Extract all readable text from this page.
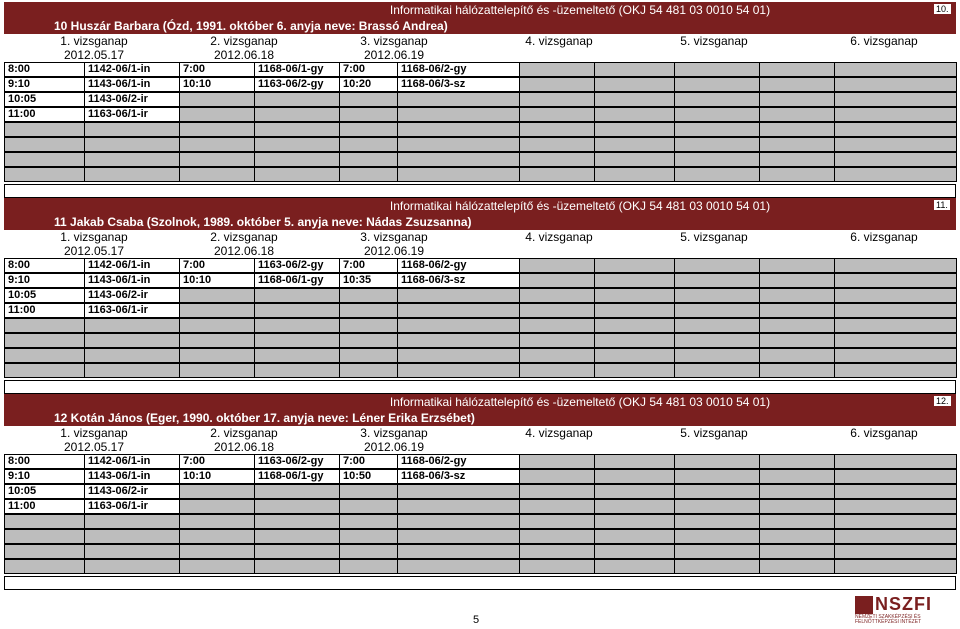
Informatikai hálózattelepítő és -üzemeltető (OKJ 54 481 03 0010 54 01)
10 Huszár Barbara (Ózd, 1991. október 6. anyja neve: Brassó Andrea)
10.
1. vizsganap
2012.05.17
2. vizsganap
2012.06.18
3. vizsganap
2012.06.19
4. vizsganap	5. vizsganap	6. vizsganap
8:00	1142-06/1-in	7:00	1168-06/1-gy	7:00	1168-06/2-gy
9:10	1143-06/1-in	10:10	1163-06/2-gy	10:20	1168-06/3-sz
10:05	1143-06/2-ir
11:00	1163-06/1-ir
Informatikai hálózattelepítő és -üzemeltető (OKJ 54 481 03 0010 54 01)
11 Jakab Csaba (Szolnok, 1989. október 5. anyja neve: Nádas Zsuzsanna)
11.
1. vizsganap
2012.05.17
2. vizsganap
2012.06.18
3. vizsganap
2012.06.19
4. vizsganap	5. vizsganap	6. vizsganap
8:00	1142-06/1-in	7:00	1163-06/2-gy	7:00	1168-06/2-gy
9:10	1143-06/1-in	10:10	1168-06/1-gy	10:35	1168-06/3-sz
10:05	1143-06/2-ir
11:00	1163-06/1-ir
Informatikai hálózattelepítő és -üzemeltető (OKJ 54 481 03 0010 54 01)
12 Kotán János (Eger, 1990. október 17. anyja neve: Léner Erika Erzsébet)
12.
1. vizsganap
2012.05.17
2. vizsganap
2012.06.18
3. vizsganap
2012.06.19
4. vizsganap	5. vizsganap	6. vizsganap
8:00	1142-06/1-in	7:00	1163-06/2-gy	7:00	1168-06/2-gy
9:10	1143-06/1-in	10:10	1168-06/1-gy	10:50	1168-06/3-sz
10:05	1143-06/2-ir
11:00	1163-06/1-ir
5
NSZFI
NEMZETI SZAKKÉPZÉSI ÉS FELNŐTTKÉPZÉSI INTÉZET
